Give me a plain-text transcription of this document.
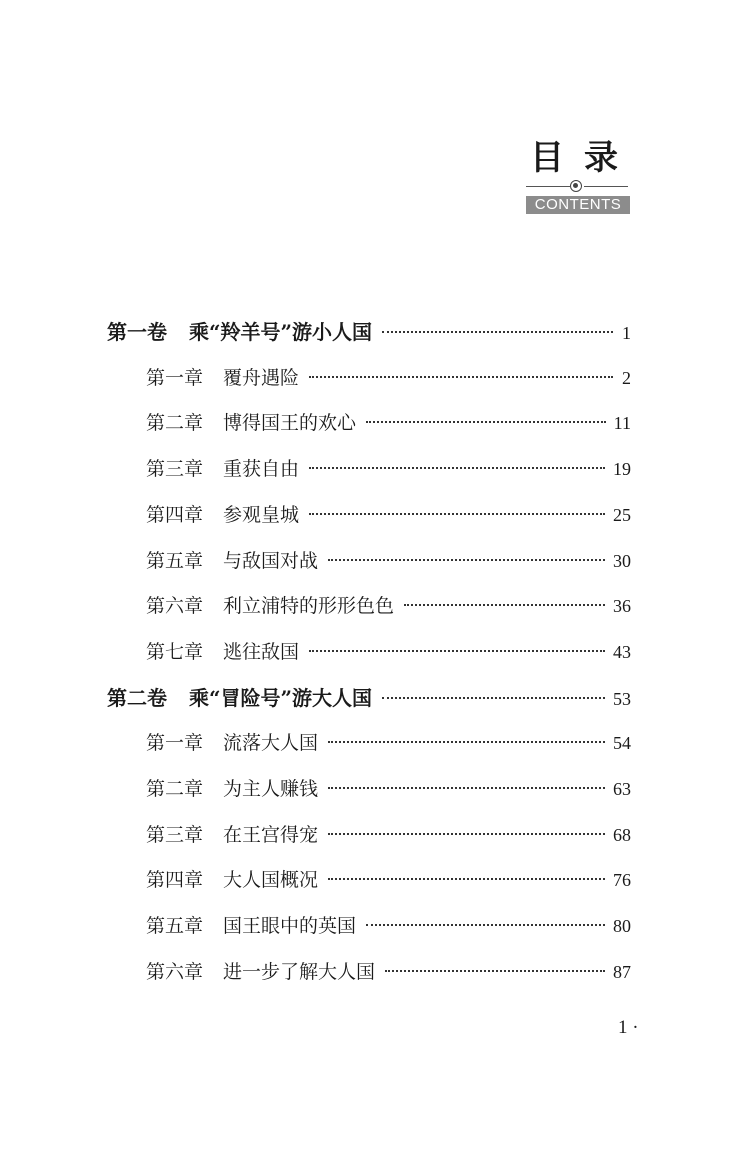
目 录
CONTENTS
第一卷 乘“羚羊号”游小人国	1
第一章 覆舟遇险	2
第二章 博得国王的欢心	11
第三章 重获自由	19
第四章 参观皇城	25
第五章 与敌国对战	30
第六章 利立浦特的形形色色	36
第七章 逃往敌国	43
第二卷 乘“冒险号”游大人国	53
第一章 流落大人国	54
第二章 为主人赚钱	63
第三章 在王宫得宠	68
第四章 大人国概况	76
第五章 国王眼中的英国	80
第六章 进一步了解大人国	87
1 ·
